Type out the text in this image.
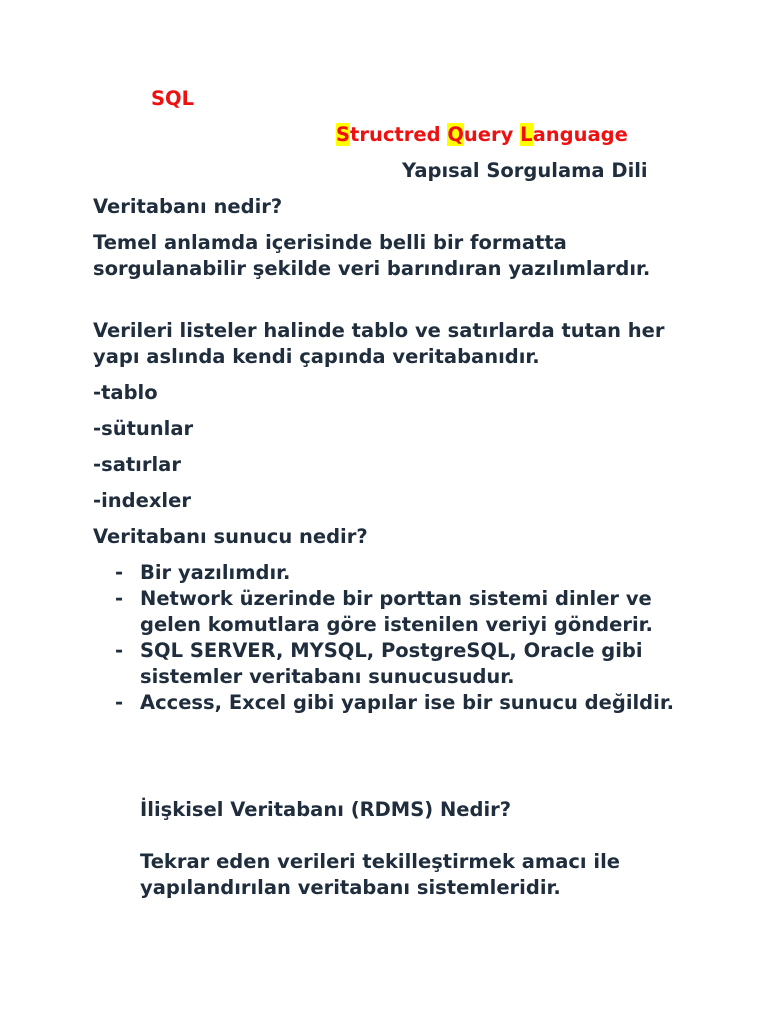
SQL

Structred Query Language

Yapısal Sorgulama Dili

Veritabanı nedir?

Temel anlamda içerisinde belli bir formatta sorgulanabilir şekilde veri barındıran yazılımlardır.

Verileri listeler halinde tablo ve satırlarda tutan her yapı aslında kendi çapında veritabanıdır.

-tablo

-sütunlar

-satırlar

-indexler

Veritabanı sunucu nedir?

- Bir yazılımdır.
- Network üzerinde bir porttan sistemi dinler ve gelen komutlara göre istenilen veriyi gönderir.
- SQL SERVER, MYSQL, PostgreSQL, Oracle gibi sistemler veritabanı sunucusudur.
- Access, Excel gibi yapılar ise bir sunucu değildir.

İlişkisel Veritabanı (RDMS) Nedir?

Tekrar eden verileri tekilleştirmek amacı ile yapılandırılan veritabanı sistemleridir.
